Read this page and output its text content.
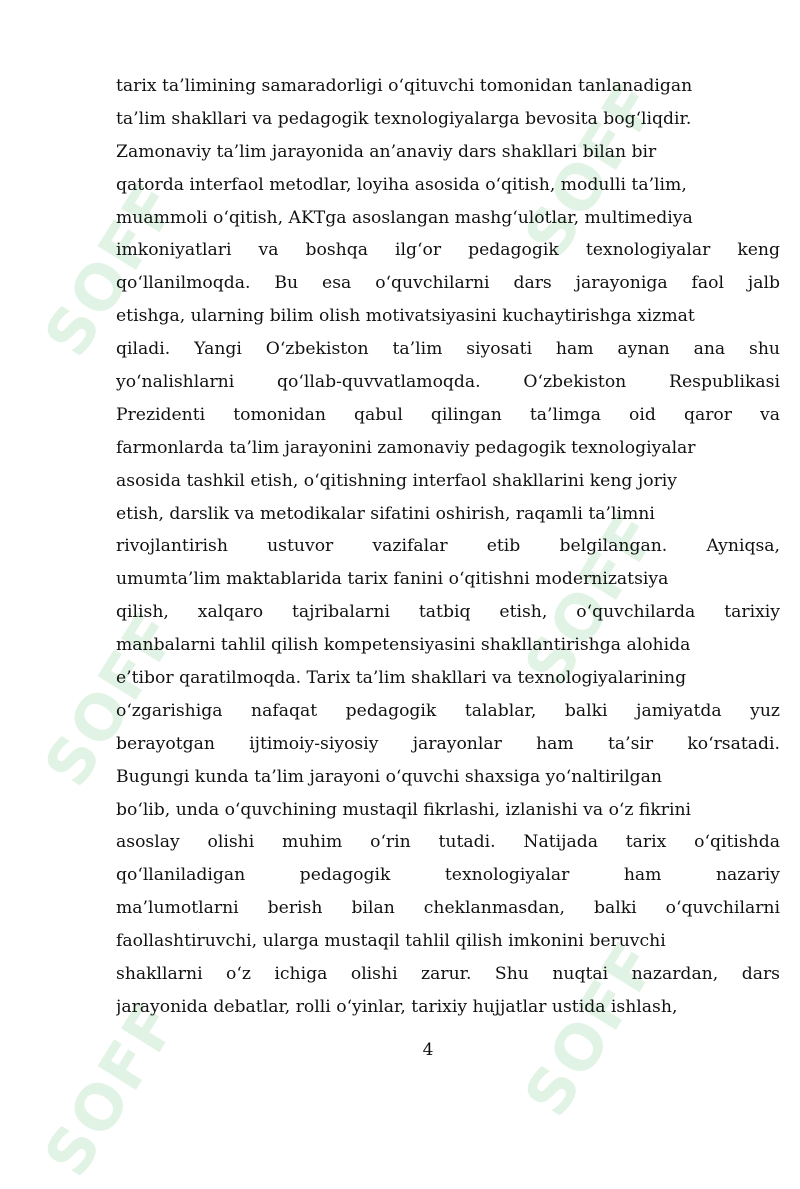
SOFF
SOFF
SOFF
SOFF
SOFF
SOFF
tarix ta’limining samaradorligi o‘qituvchi tomonidan tanlanadigan
ta’lim shakllari va pedagogik texnologiyalarga bevosita bog‘liqdir.
Zamonaviy ta’lim jarayonida an’anaviy dars shakllari bilan bir
qatorda interfaol metodlar, loyiha asosida o‘qitish, modulli ta’lim,
muammoli o‘qitish, AKTga asoslangan mashg‘ulotlar, multimediya
imkoniyatlari va boshqa ilg‘or pedagogik texnologiyalar keng
qo‘llanilmoqda. Bu esa o‘quvchilarni dars jarayoniga faol jalb
etishga, ularning bilim olish motivatsiyasini kuchaytirishga xizmat
qiladi. Yangi O‘zbekiston ta’lim siyosati ham aynan ana shu
yo‘nalishlarni qo‘llab-quvvatlamoqda. O‘zbekiston Respublikasi
Prezidenti tomonidan qabul qilingan ta’limga oid qaror va
farmonlarda ta’lim jarayonini zamonaviy pedagogik texnologiyalar
asosida tashkil etish, o‘qitishning interfaol shakllarini keng joriy
etish, darslik va metodikalar sifatini oshirish, raqamli ta’limni
rivojlantirish ustuvor vazifalar etib belgilangan. Ayniqsa,
umumta’lim maktablarida tarix fanini o‘qitishni modernizatsiya
qilish, xalqaro tajribalarni tatbiq etish, o‘quvchilarda tarixiy
manbalarni tahlil qilish kompetensiyasini shakllantirishga alohida
e’tibor qaratilmoqda. Tarix ta’lim shakllari va texnologiyalarining
o‘zgarishiga nafaqat pedagogik talablar, balki jamiyatda yuz
berayotgan ijtimoiy-siyosiy jarayonlar ham ta’sir ko‘rsatadi.
Bugungi kunda ta’lim jarayoni o‘quvchi shaxsiga yo‘naltirilgan
bo‘lib, unda o‘quvchining mustaqil fikrlashi, izlanishi va o‘z fikrini
asoslay olishi muhim o‘rin tutadi. Natijada tarix o‘qitishda
qo‘llaniladigan pedagogik texnologiyalar ham nazariy
ma’lumotlarni berish bilan cheklanmasdan, balki o‘quvchilarni
faollashtiruvchi, ularga mustaqil tahlil qilish imkonini beruvchi
shakllarni o‘z ichiga olishi zarur. Shu nuqtai nazardan, dars
jarayonida debatlar, rolli o‘yinlar, tarixiy hujjatlar ustida ishlash,
4
